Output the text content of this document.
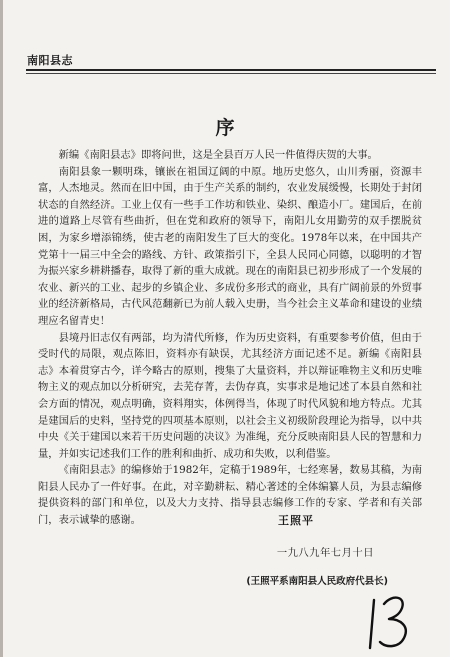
南阳县志
序

新编《南阳县志》即将问世，这是全县百万人民一件值得庆贺的大事。

南阳县象一颗明珠，镶嵌在祖国辽阔的中原。地历史悠久，山川秀丽，资源丰富，人杰地灵。然而在旧中国，由于生产关系的制约，农业发展缓慢，长期处于封闭状态的自然经济。工业上仅有一些手工作坊和铁业、染织、酿造小厂。建国后，在前进的道路上尽管有些曲折，但在党和政府的领导下，南阳儿女用勤劳的双手摆脱贫困，为家乡增添锦绣，使古老的南阳发生了巨大的变化。1978年以来，在中国共产党第十一届三中全会的路线、方针、政策指引下，全县人民同心同德，以聪明的才智为振兴家乡耕耕播春，取得了新的重大成就。现在的南阳县已初步形成了一个发展的农业、新兴的工业、起步的乡镇企业、多成份多形式的商业，具有广阔前景的外贸事业的经济新格局，古代风范翻新已为前人载入史册，当今社会主义革命和建设的业绩理应名留青史！

县境丹旧志仅有两部，均为清代所修，作为历史资料，有重要参考价值，但由于受时代的局限，观点陈旧，资料亦有缺误，尤其经济方面记述不足。新编《南阳县志》本着贯穿古今，详今略古的原则，搜集了大量资料，并以辩证唯物主义和历史唯物主义的观点加以分析研究，去芜存菁，去伪存真，实事求是地记述了本县自然和社会方面的情况，观点明确，资料翔实，体例得当，体现了时代风貌和地方特点。尤其是建国后的史料，坚持党的四项基本原则，以社会主义初级阶段理论为指导，以中共中央《关于建国以来若干历史问题的决议》为准绳，充分反映南阳县人民的智慧和力量，并如实记述我们工作的胜利和曲折、成功和失败，以利借鉴。

《南阳县志》的编修始于1982年，定稿于1989年，七经寒暑，数易其稿，为南阳县人民办了一件好事。在此，对辛勤耕耘、精心著述的全体编纂人员，为县志编修提供资料的部门和单位，以及大力支持、指导县志编修工作的专家、学者和有关部门，表示诚挚的感谢。	王照平
一九八九年七月十日
(王照平系南阳县人民政府代县长)
